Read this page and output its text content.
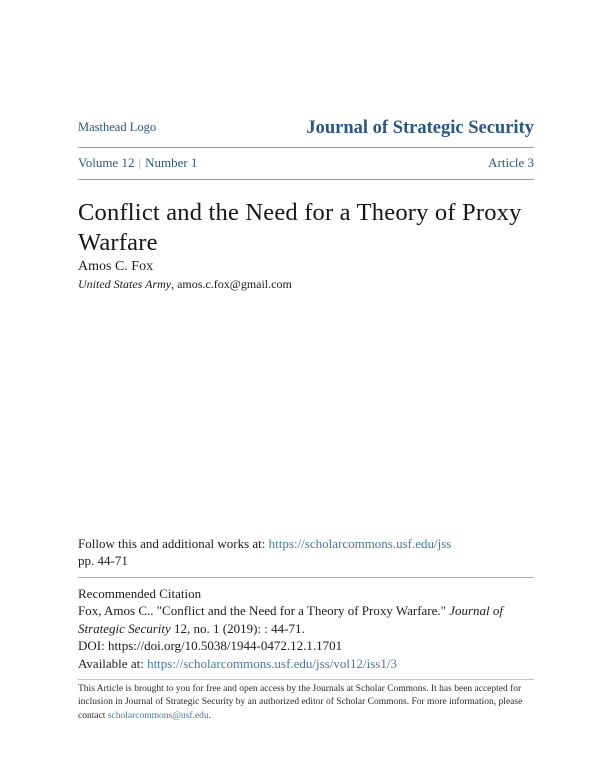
Masthead Logo	Journal of Strategic Security
Volume 12 | Number 1	Article 3
Conflict and the Need for a Theory of Proxy Warfare
Amos C. Fox
United States Army, amos.c.fox@gmail.com
Follow this and additional works at: https://scholarcommons.usf.edu/jss
pp. 44-71
Recommended Citation
Fox, Amos C.. "Conflict and the Need for a Theory of Proxy Warfare." Journal of Strategic Security 12, no. 1 (2019): : 44-71.
DOI: https://doi.org/10.5038/1944-0472.12.1.1701
Available at: https://scholarcommons.usf.edu/jss/vol12/iss1/3
This Article is brought to you for free and open access by the Journals at Scholar Commons. It has been accepted for inclusion in Journal of Strategic Security by an authorized editor of Scholar Commons. For more information, please contact scholarcommons@usf.edu.
